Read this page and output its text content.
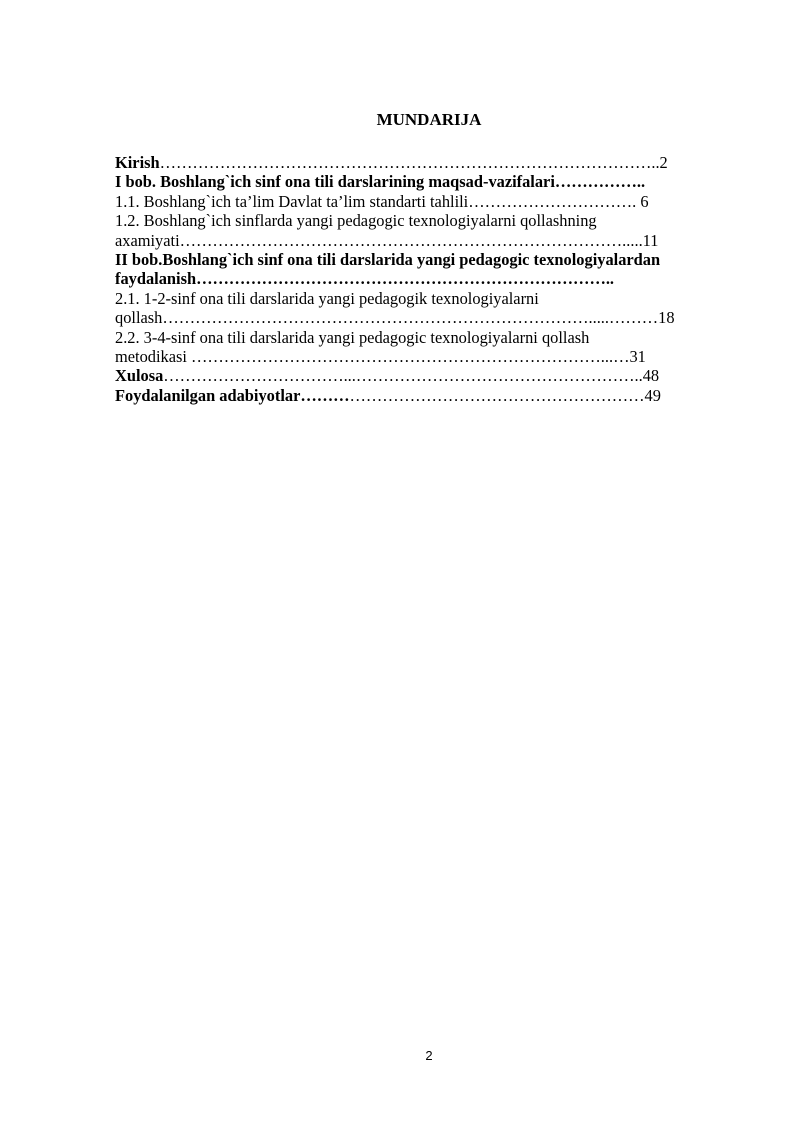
MUNDARIJA
Kirish………………………………………………………………………………..2
I bob. Boshlang`ich sinf ona tili darslarining maqsad-vazifalari……………..
1.1. Boshlang`ich ta’lim Davlat ta’lim standarti tahlili…………………………. 6
1.2. Boshlang`ich sinflarda yangi pedagogic texnologiyalarni qollashning
axamiyati……………………………………………………………………….....11
II bob.Boshlang`ich sinf ona tili darslarida yangi pedagogic texnologiyalardan
faydalanish…………………………………………………………………..
2.1. 1-2-sinf ona tili darslarida yangi pedagogik texnologiyalarni
qollash…………………………………………………………………….....………18
2.2. 3-4-sinf ona tili darslarida yangi pedagogic texnologiyalarni qollash
metodikasi …………………………………………………………………...…31
Xulosa……………………………...……………………………………………..48
Foydalanilgan adabiyotlar………………………………………………………49
2
